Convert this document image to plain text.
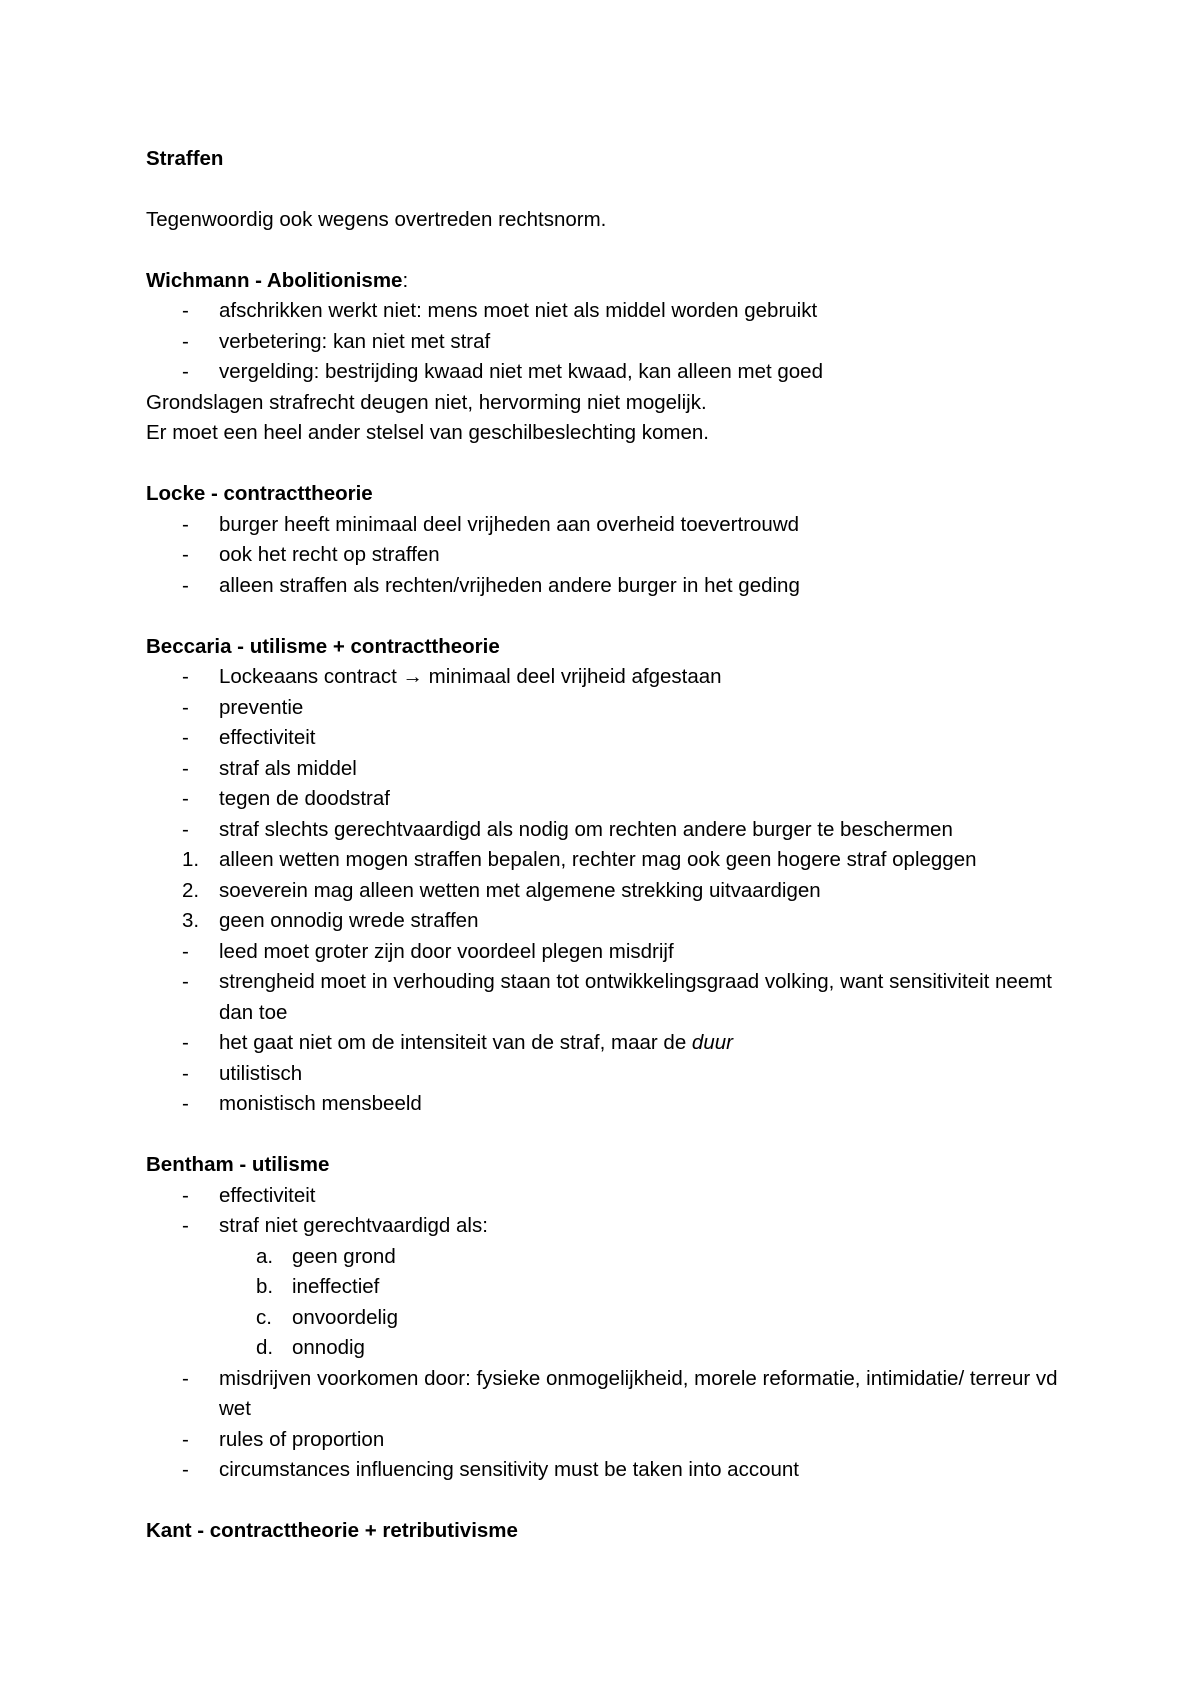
Straffen
Tegenwoordig ook wegens overtreden rechtsnorm.
Wichmann - Abolitionisme:
- afschrikken werkt niet: mens moet niet als middel worden gebruikt
- verbetering: kan niet met straf
- vergelding: bestrijding kwaad niet met kwaad, kan alleen met goed
Grondslagen strafrecht deugen niet, hervorming niet mogelijk.
Er moet een heel ander stelsel van geschilbeslechting komen.
Locke - contracttheorie
- burger heeft minimaal deel vrijheden aan overheid toevertrouwd
- ook het recht op straffen
- alleen straffen als rechten/vrijheden andere burger in het geding
Beccaria - utilisme + contracttheorie
- Lockeaans contract → minimaal deel vrijheid afgestaan
- preventie
- effectiviteit
- straf als middel
- tegen de doodstraf
- straf slechts gerechtvaardigd als nodig om rechten andere burger te beschermen
1. alleen wetten mogen straffen bepalen, rechter mag ook geen hogere straf opleggen
2. soeverein mag alleen wetten met algemene strekking uitvaardigen
3. geen onnodig wrede straffen
- leed moet groter zijn door voordeel plegen misdrijf
- strengheid moet in verhouding staan tot ontwikkelingsgraad volking, want sensitiviteit neemt dan toe
- het gaat niet om de intensiteit van de straf, maar de duur
- utilistisch
- monistisch mensbeeld
Bentham - utilisme
- effectiviteit
- straf niet gerechtvaardigd als:
a. geen grond
b. ineffectief
c. onvoordelig
d. onnodig
- misdrijven voorkomen door: fysieke onmogelijkheid, morele reformatie, intimidatie/ terreur vd wet
- rules of proportion
- circumstances influencing sensitivity must be taken into account
Kant - contracttheorie + retributivisme
